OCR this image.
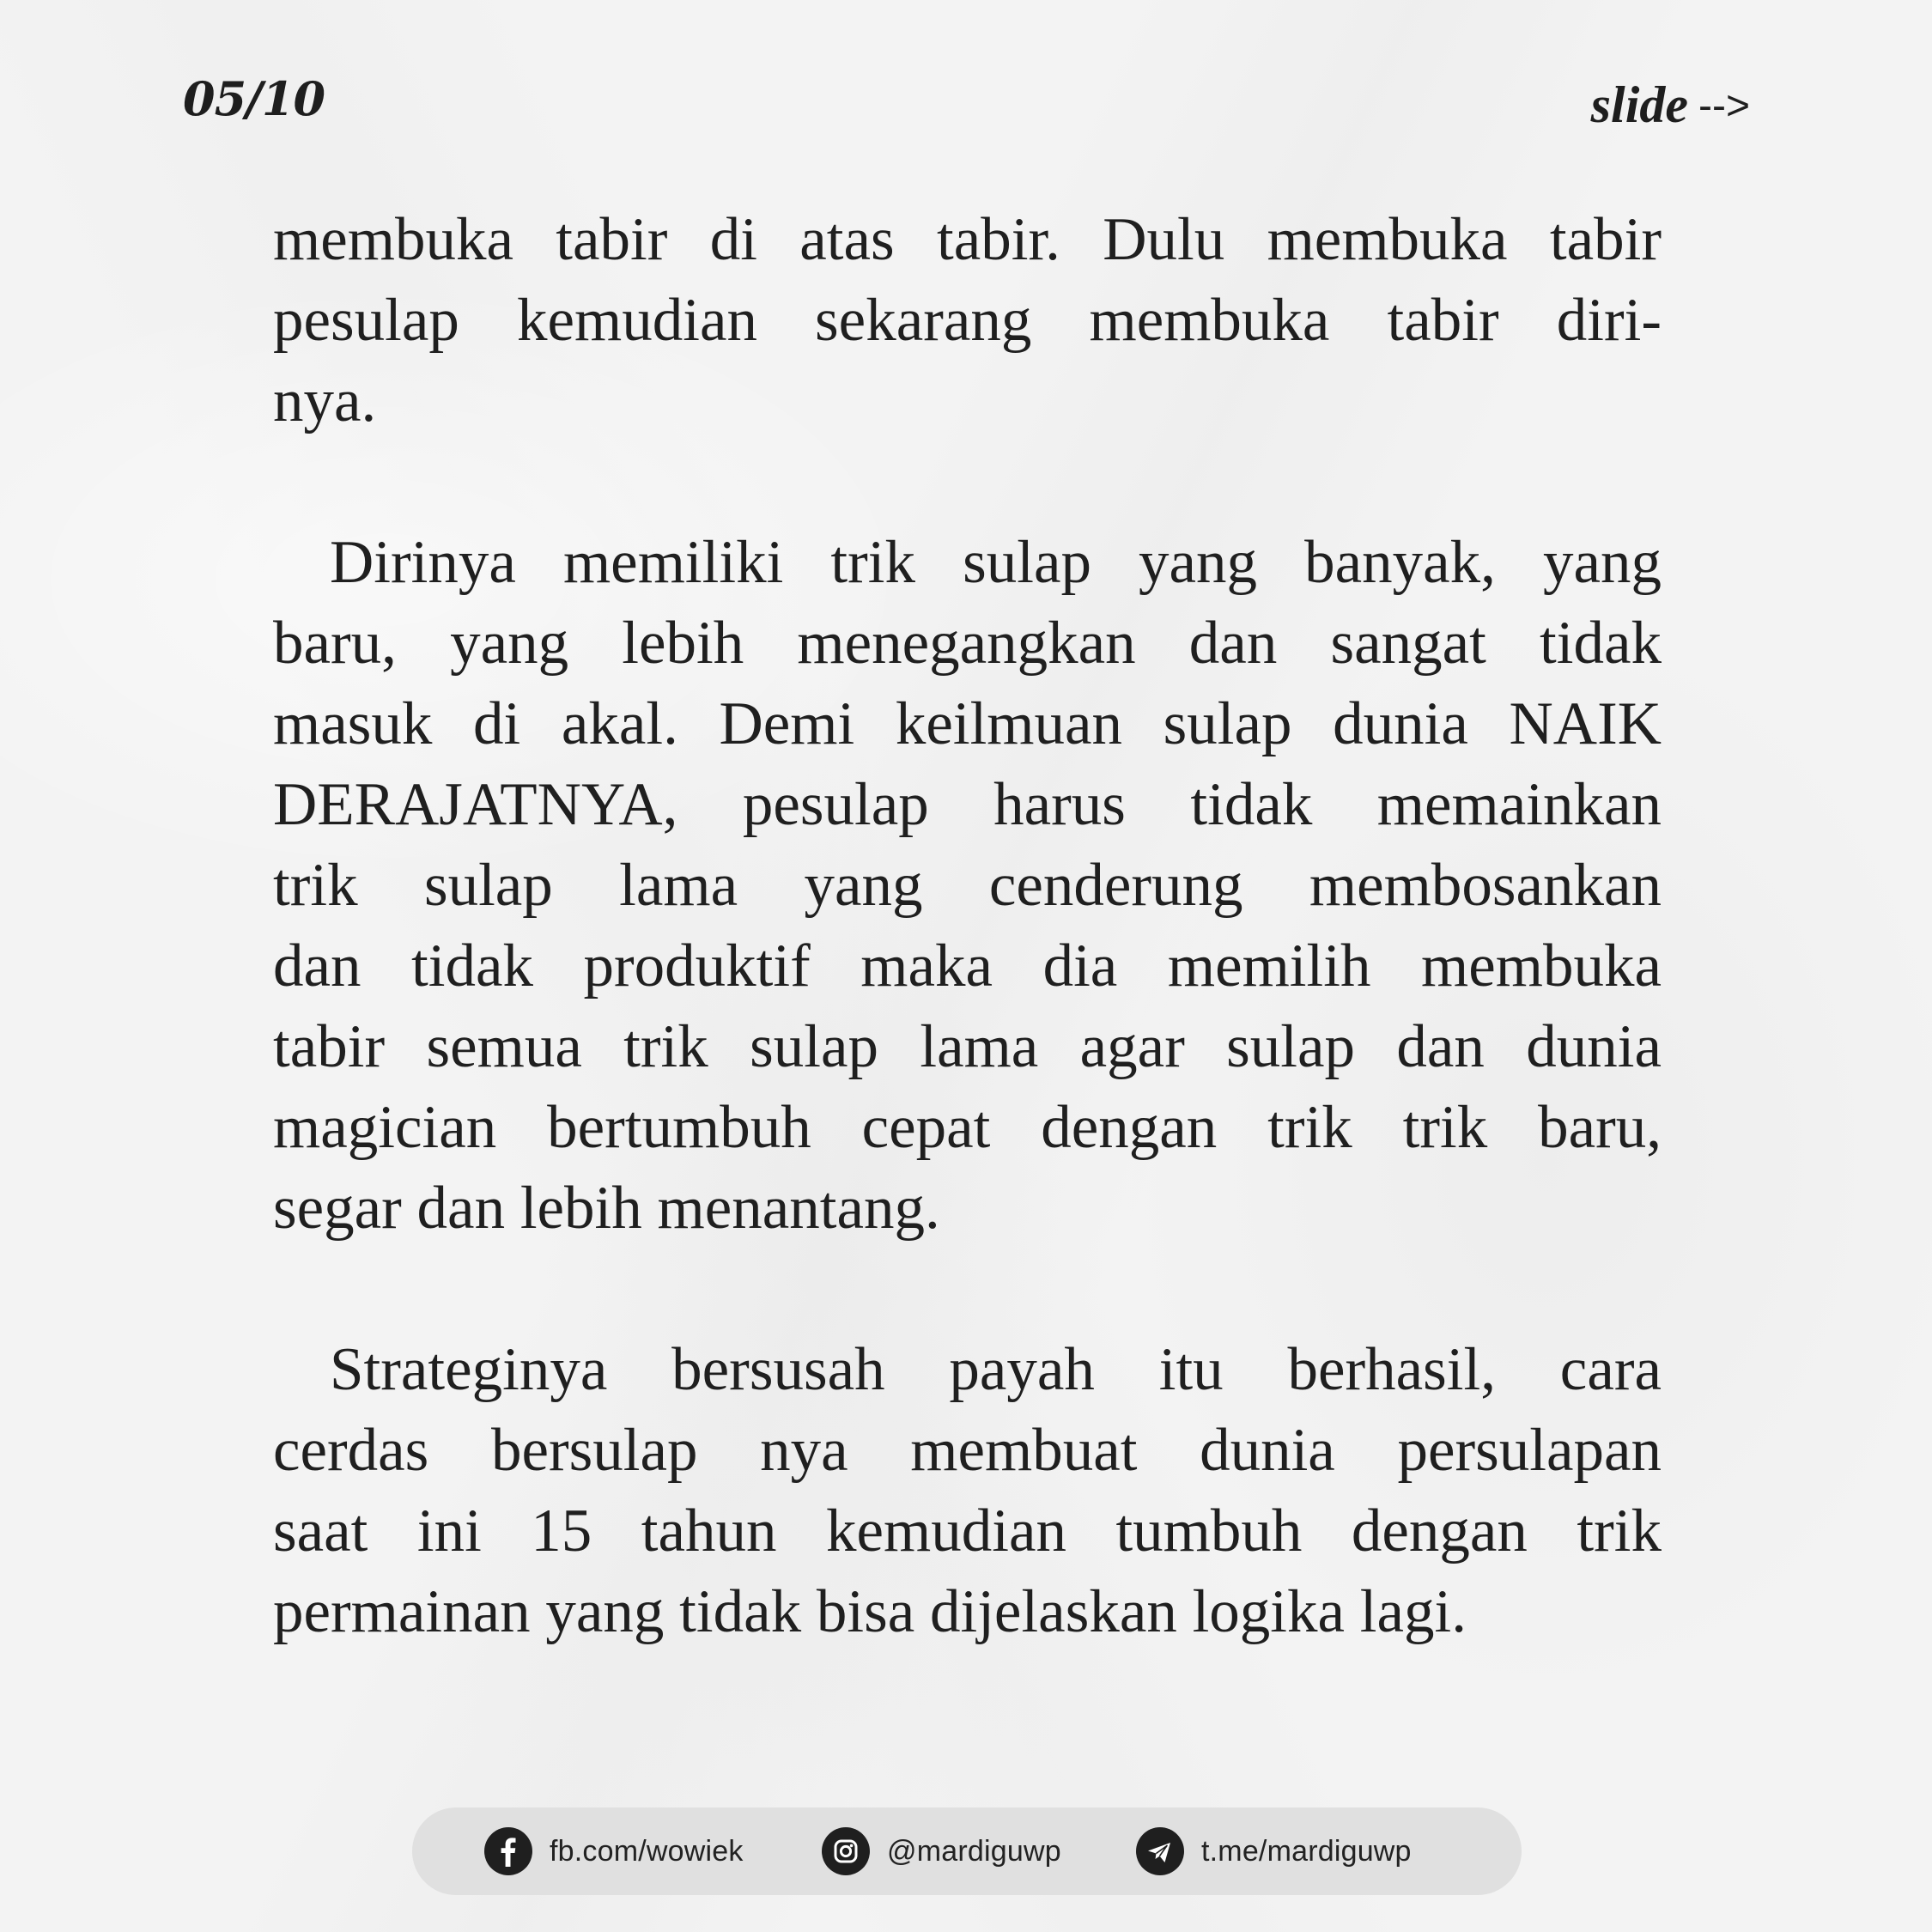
05/10	slide -->

membuka tabir di atas tabir. Dulu membuka tabir
pesulap kemudian sekarang membuka tabir diri-
nya.

Dirinya memiliki trik sulap yang banyak, yang
baru, yang lebih menegangkan dan sangat tidak
masuk di akal. Demi keilmuan sulap dunia NAIK
DERAJATNYA, pesulap harus tidak memainkan
trik sulap lama yang cenderung membosankan
dan tidak produktif maka dia memilih membuka
tabir semua trik sulap lama agar sulap dan dunia
magician bertumbuh cepat dengan trik trik baru,
segar dan lebih menantang.

Strateginya bersusah payah itu berhasil, cara
cerdas bersulap nya membuat dunia persulapan
saat ini 15 tahun kemudian tumbuh dengan trik
permainan yang tidak bisa dijelaskan logika lagi.

fb.com/wowiek	@mardiguwp	t.me/mardiguwp
